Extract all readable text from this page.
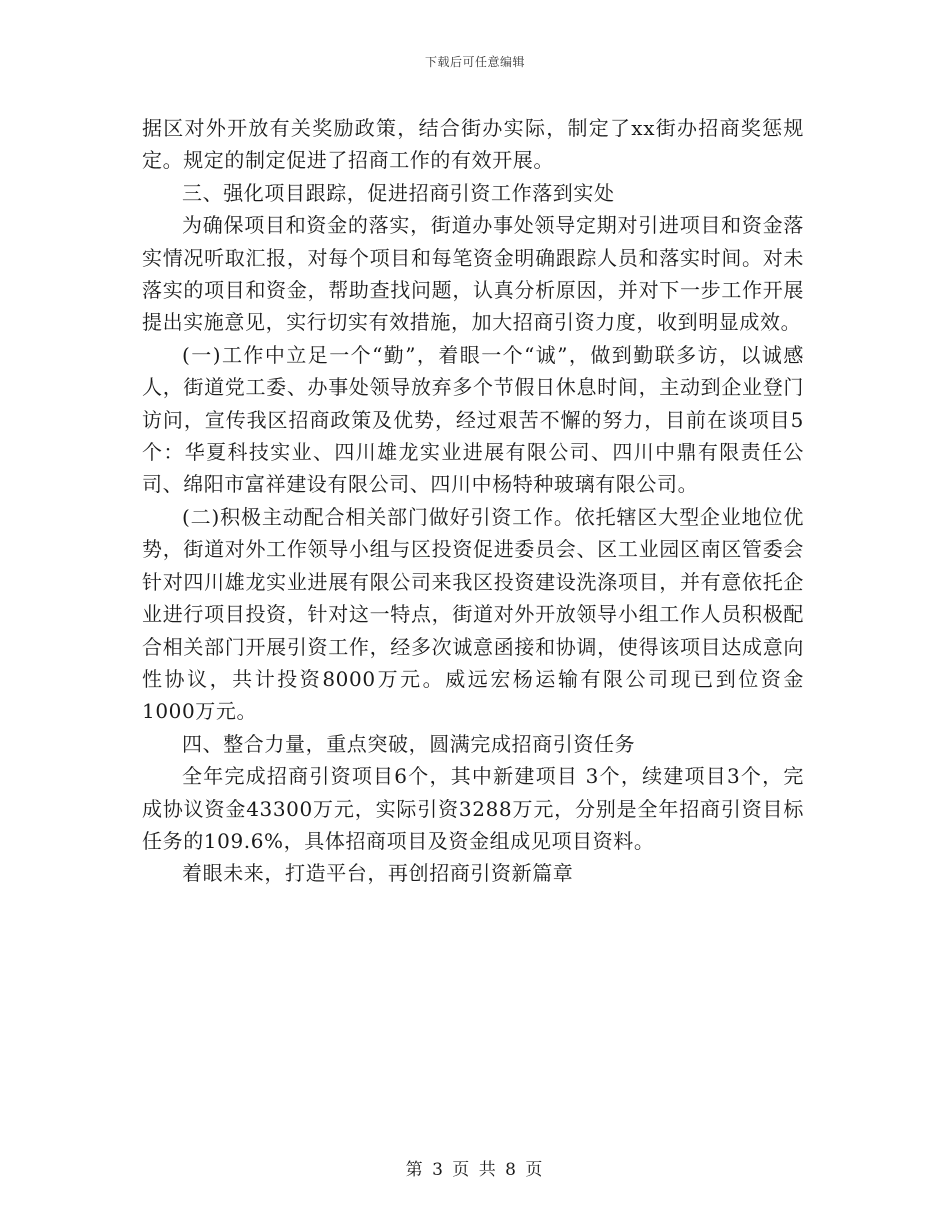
下载后可任意编辑

据区对外开放有关奖励政策，结合街办实际，制定了xx街办招商奖惩规定。规定的制定促进了招商工作的有效开展。

三、强化项目跟踪，促进招商引资工作落到实处

为确保项目和资金的落实，街道办事处领导定期对引进项目和资金落实情况听取汇报，对每个项目和每笔资金明确跟踪人员和落实时间。对未落实的项目和资金，帮助查找问题，认真分析原因，并对下一步工作开展提出实施意见，实行切实有效措施，加大招商引资力度，收到明显成效。

(一)工作中立足一个“勤”，着眼一个“诚”，做到勤联多访，以诚感人，街道党工委、办事处领导放弃多个节假日休息时间，主动到企业登门访问，宣传我区招商政策及优势，经过艰苦不懈的努力，目前在谈项目5个：华夏科技实业、四川雄龙实业进展有限公司、四川中鼎有限责任公司、绵阳市富祥建设有限公司、四川中杨特种玻璃有限公司。

(二)积极主动配合相关部门做好引资工作。依托辖区大型企业地位优势，街道对外工作领导小组与区投资促进委员会、区工业园区南区管委会针对四川雄龙实业进展有限公司来我区投资建设洗涤项目，并有意依托企业进行项目投资，针对这一特点，街道对外开放领导小组工作人员积极配合相关部门开展引资工作，经多次诚意函接和协调，使得该项目达成意向性协议，共计投资8000万元。威远宏杨运输有限公司现已到位资金1000万元。

四、整合力量，重点突破，圆满完成招商引资任务

全年完成招商引资项目6个，其中新建项目 3个，续建项目3个，完成协议资金43300万元，实际引资3288万元，分别是全年招商引资目标任务的109.6%，具体招商项目及资金组成见项目资料。

着眼未来，打造平台，再创招商引资新篇章

第 3 页 共 8 页
